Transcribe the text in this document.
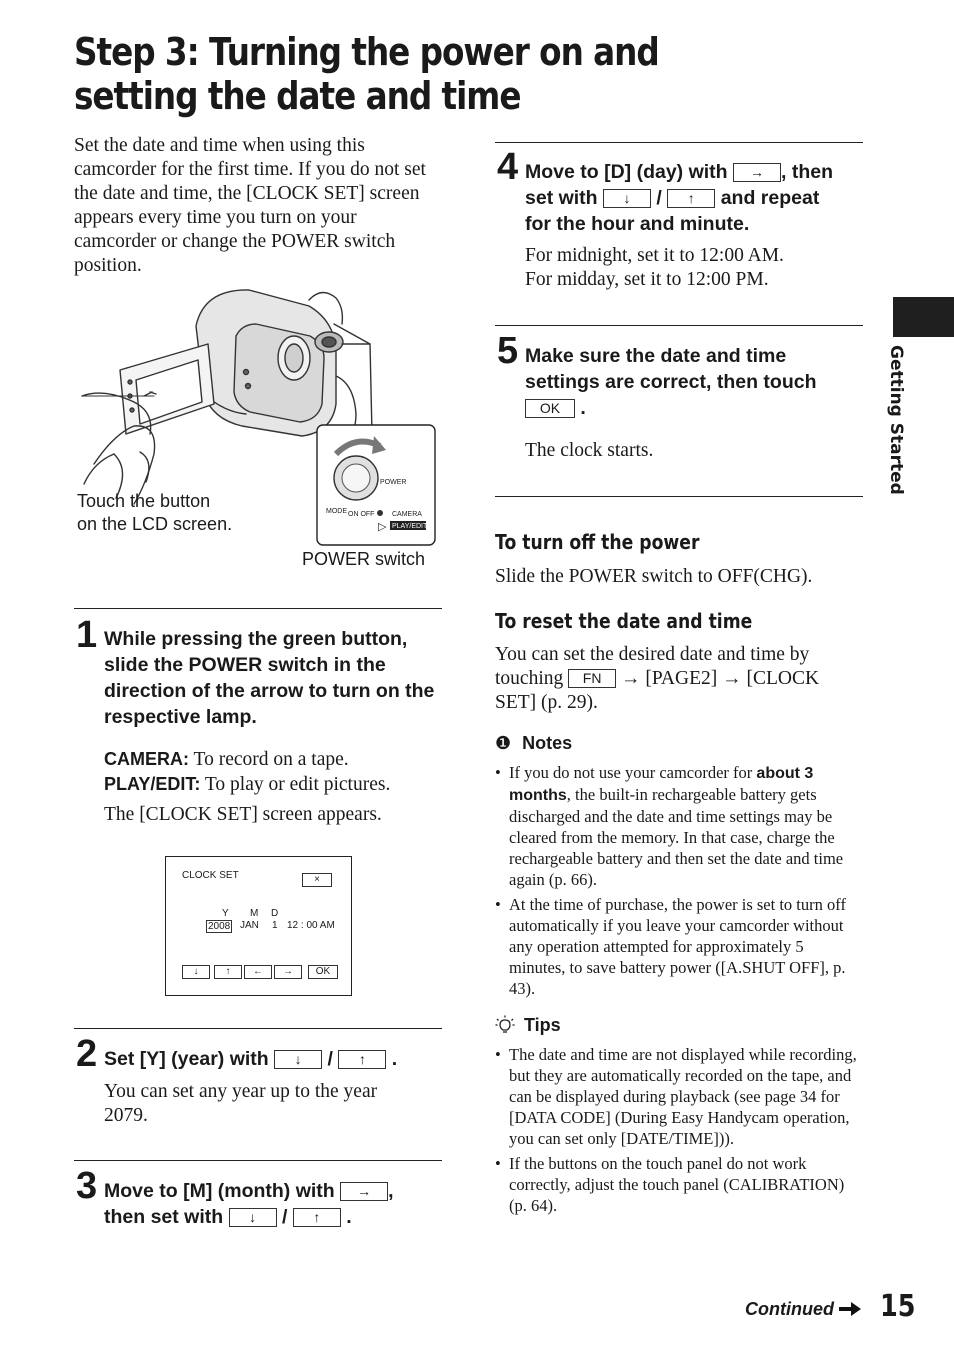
Step 3: Turning the power on and setting the date and time
Getting Started
Set the date and time when using this camcorder for the first time. If you do not set the date and time, the [CLOCK SET] screen appears every time you turn on your camcorder or change the POWER switch position.
POWER
MODE ON OFF	CAMERA
PLAY/EDIT
▷
Touch the button
on the LCD screen.
POWER switch
1 While pressing the green button, slide the POWER switch in the direction of the arrow to turn on the respective lamp.
CAMERA: To record on a tape.
PLAY/EDIT: To play or edit pictures.
The [CLOCK SET] screen appears.
CLOCK SET	×
Y M D
2008 JAN 1 12 : 00 AM
↓	↑	←	→	OK
2 Set [Y] (year) with ↓ / ↑ .
You can set any year up to the year 2079.
3 Move to [M] (month) with → ,
then set with ↓ / ↑ .
4 Move to [D] (day) with → , then
set with ↓ / ↑ and repeat
for the hour and minute.
For midnight, set it to 12:00 AM.
For midday, set it to 12:00 PM.
5 Make sure the date and time settings are correct, then touch
OK .
The clock starts.
To turn off the power
Slide the POWER switch to OFF(CHG).
To reset the date and time
You can set the desired date and time by
touching FN → [PAGE2] → [CLOCK
SET] (p. 29).
❶ Notes
• If you do not use your camcorder for about 3 months, the built-in rechargeable battery gets discharged and the date and time settings may be cleared from the memory. In that case, charge the rechargeable battery and then set the date and time again (p. 66).
• At the time of purchase, the power is set to turn off automatically if you leave your camcorder without any operation attempted for approximately 5 minutes, to save battery power ([A.SHUT OFF], p. 43).
Tips
• The date and time are not displayed while recording, but they are automatically recorded on the tape, and can be displayed during playback (see page 34 for [DATA CODE] (During Easy Handycam operation, you can set only [DATE/TIME])).
• If the buttons on the touch panel do not work correctly, adjust the touch panel (CALIBRATION) (p. 64).
Continued	15
